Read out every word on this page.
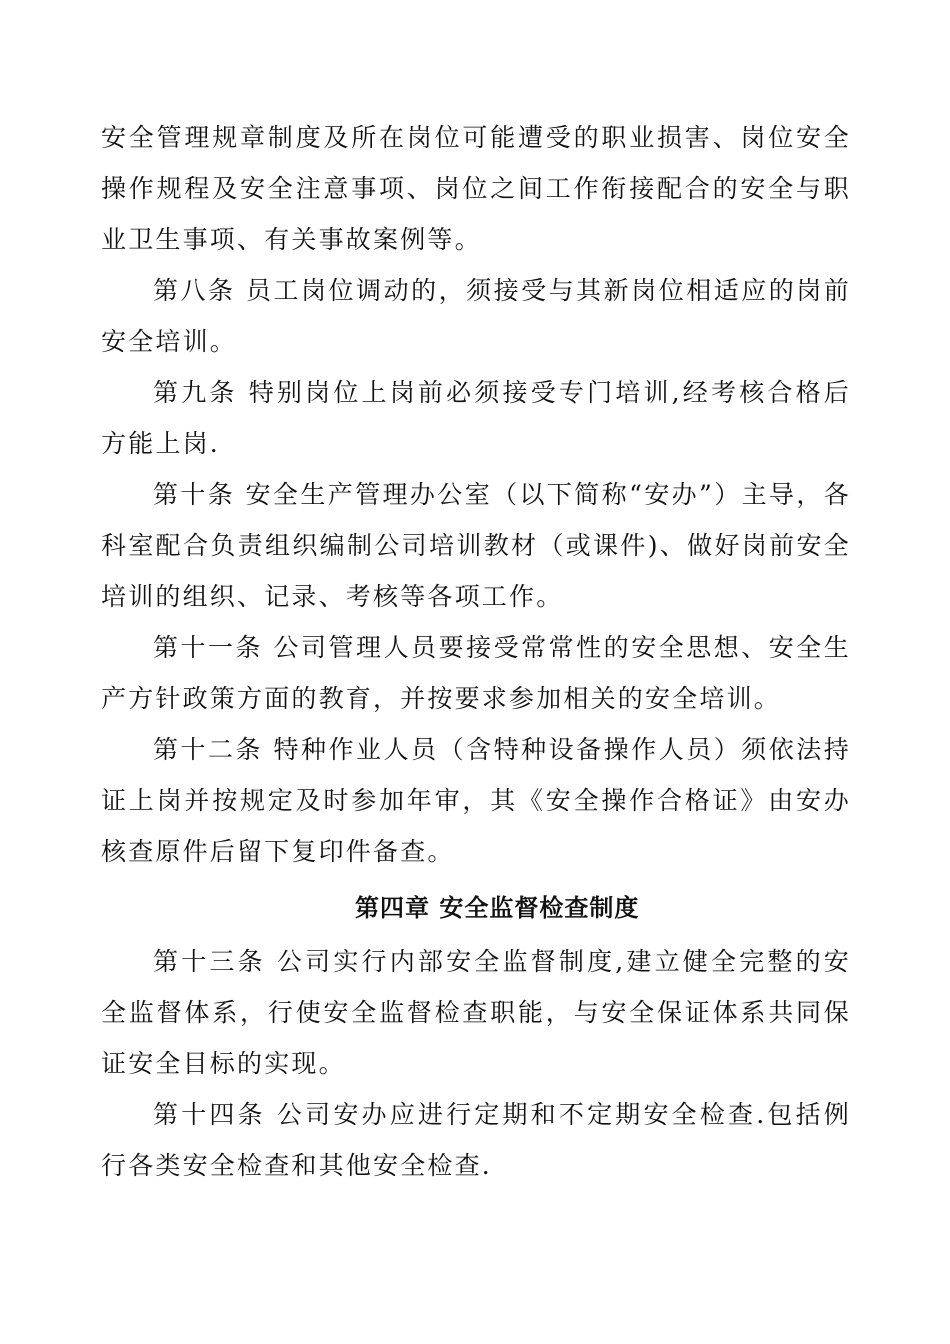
安全管理规章制度及所在岗位可能遭受的职业损害、岗位安全操作规程及安全注意事项、岗位之间工作衔接配合的安全与职业卫生事项、有关事故案例等。

第八条 员工岗位调动的，须接受与其新岗位相适应的岗前安全培训。

第九条 特别岗位上岗前必须接受专门培训,经考核合格后方能上岗.

第十条 安全生产管理办公室（以下简称“安办”）主导，各科室配合负责组织编制公司培训教材（或课件)、做好岗前安全培训的组织、记录、考核等各项工作。

第十一条 公司管理人员要接受常常性的安全思想、安全生产方针政策方面的教育，并按要求参加相关的安全培训。

第十二条 特种作业人员（含特种设备操作人员）须依法持证上岗并按规定及时参加年审，其《安全操作合格证》由安办核查原件后留下复印件备查。

第四章 安全监督检查制度

第十三条 公司实行内部安全监督制度,建立健全完整的安全监督体系，行使安全监督检查职能，与安全保证体系共同保证安全目标的实现。

第十四条 公司安办应进行定期和不定期安全检查.包括例行各类安全检查和其他安全检查.
